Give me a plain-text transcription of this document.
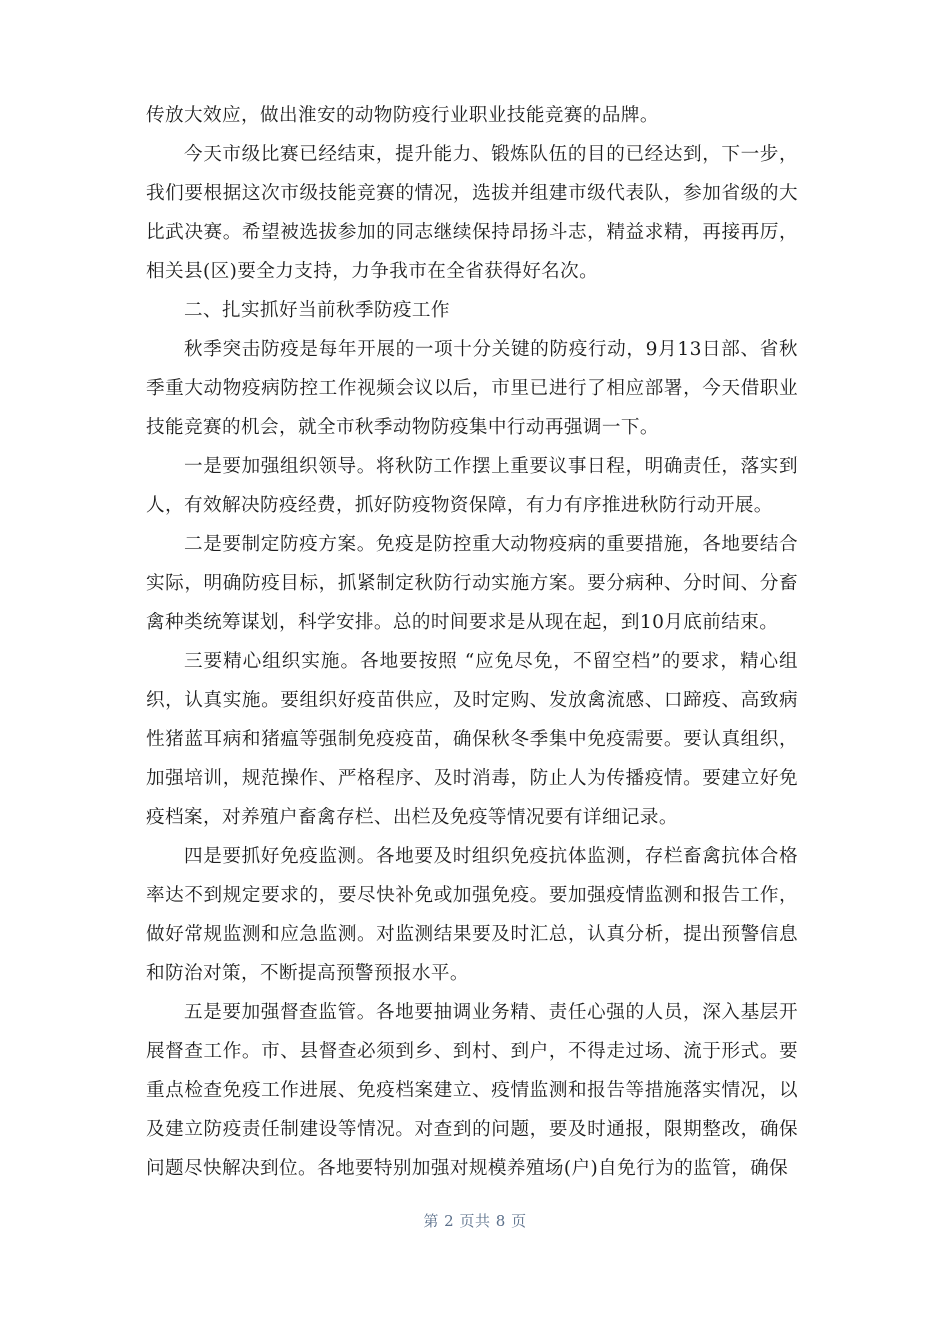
传放大效应，做出淮安的动物防疫行业职业技能竞赛的品牌。

今天市级比赛已经结束，提升能力、锻炼队伍的目的已经达到，下一步，我们要根据这次市级技能竞赛的情况，选拔并组建市级代表队，参加省级的大比武决赛。希望被选拔参加的同志继续保持昂扬斗志，精益求精，再接再厉，相关县(区)要全力支持，力争我市在全省获得好名次。

二、扎实抓好当前秋季防疫工作

秋季突击防疫是每年开展的一项十分关键的防疫行动，9月13日部、省秋季重大动物疫病防控工作视频会议以后，市里已进行了相应部署，今天借职业技能竞赛的机会，就全市秋季动物防疫集中行动再强调一下。

一是要加强组织领导。将秋防工作摆上重要议事日程，明确责任，落实到人，有效解决防疫经费，抓好防疫物资保障，有力有序推进秋防行动开展。

二是要制定防疫方案。免疫是防控重大动物疫病的重要措施，各地要结合实际，明确防疫目标，抓紧制定秋防行动实施方案。要分病种、分时间、分畜禽种类统筹谋划，科学安排。总的时间要求是从现在起，到10月底前结束。

三要精心组织实施。各地要按照 “应免尽免，不留空档”的要求，精心组织，认真实施。要组织好疫苗供应，及时定购、发放禽流感、口蹄疫、高致病性猪蓝耳病和猪瘟等强制免疫疫苗，确保秋冬季集中免疫需要。要认真组织，加强培训，规范操作、严格程序、及时消毒，防止人为传播疫情。要建立好免疫档案，对养殖户畜禽存栏、出栏及免疫等情况要有详细记录。

四是要抓好免疫监测。各地要及时组织免疫抗体监测，存栏畜禽抗体合格率达不到规定要求的，要尽快补免或加强免疫。要加强疫情监测和报告工作，做好常规监测和应急监测。对监测结果要及时汇总，认真分析，提出预警信息和防治对策，不断提高预警预报水平。

五是要加强督查监管。各地要抽调业务精、责任心强的人员，深入基层开展督查工作。市、县督查必须到乡、到村、到户，不得走过场、流于形式。要重点检查免疫工作进展、免疫档案建立、疫情监测和报告等措施落实情况，以及建立防疫责任制建设等情况。对查到的问题，要及时通报，限期整改，确保问题尽快解决到位。各地要特别加强对规模养殖场(户)自免行为的监管，确保

第 2 页共 8 页
